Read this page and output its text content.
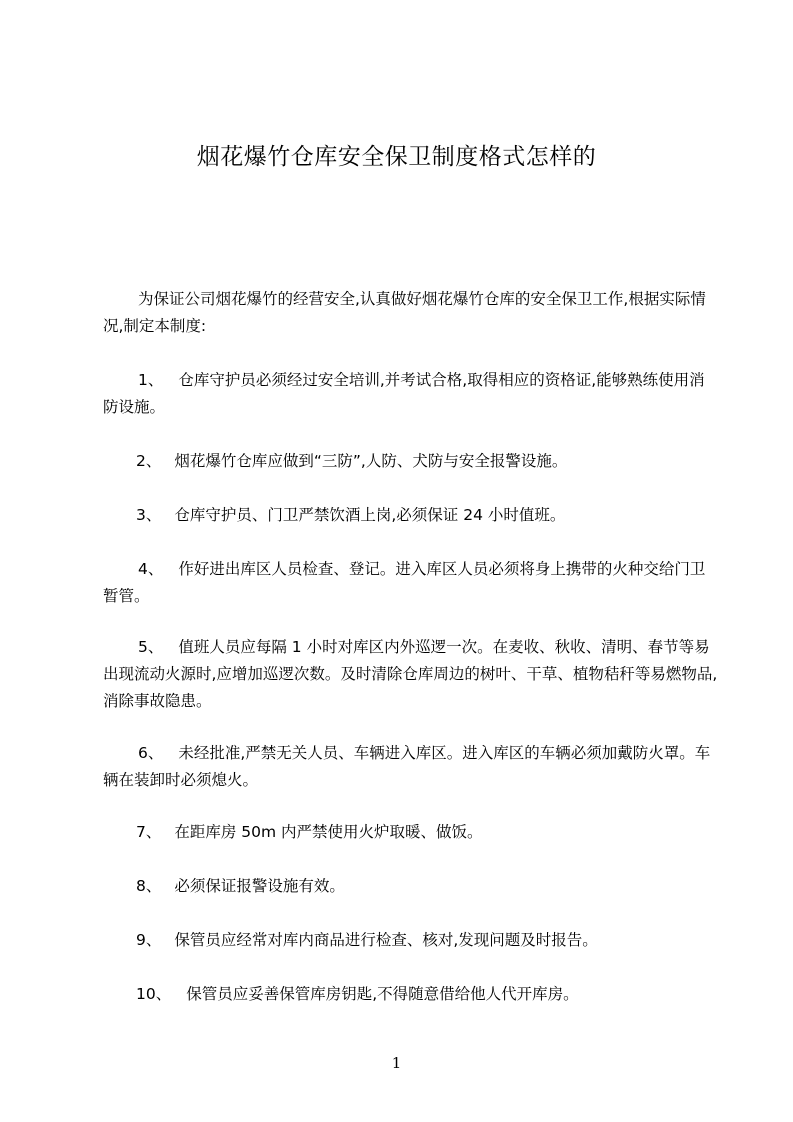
烟花爆竹仓库安全保卫制度格式怎样的

为保证公司烟花爆竹的经营安全,认真做好烟花爆竹仓库的安全保卫工作,根据实际情况,制定本制度:

1、 仓库守护员必须经过安全培训,并考试合格,取得相应的资格证,能够熟练使用消防设施。

2、 烟花爆竹仓库应做到“三防”,人防、犬防与安全报警设施。

3、 仓库守护员、门卫严禁饮酒上岗,必须保证 24 小时值班。

4、 作好进出库区人员检查、登记。进入库区人员必须将身上携带的火种交给门卫暂管。

5、 值班人员应每隔 1 小时对库区内外巡逻一次。在麦收、秋收、清明、春节等易出现流动火源时,应增加巡逻次数。及时清除仓库周边的树叶、干草、植物秸秆等易燃物品,消除事故隐患。

6、 未经批准,严禁无关人员、车辆进入库区。进入库区的车辆必须加戴防火罩。车辆在装卸时必须熄火。

7、 在距库房 50m 内严禁使用火炉取暖、做饭。

8、 必须保证报警设施有效。

9、 保管员应经常对库内商品进行检查、核对,发现问题及时报告。

10、 保管员应妥善保管库房钥匙,不得随意借给他人代开库房。

1
